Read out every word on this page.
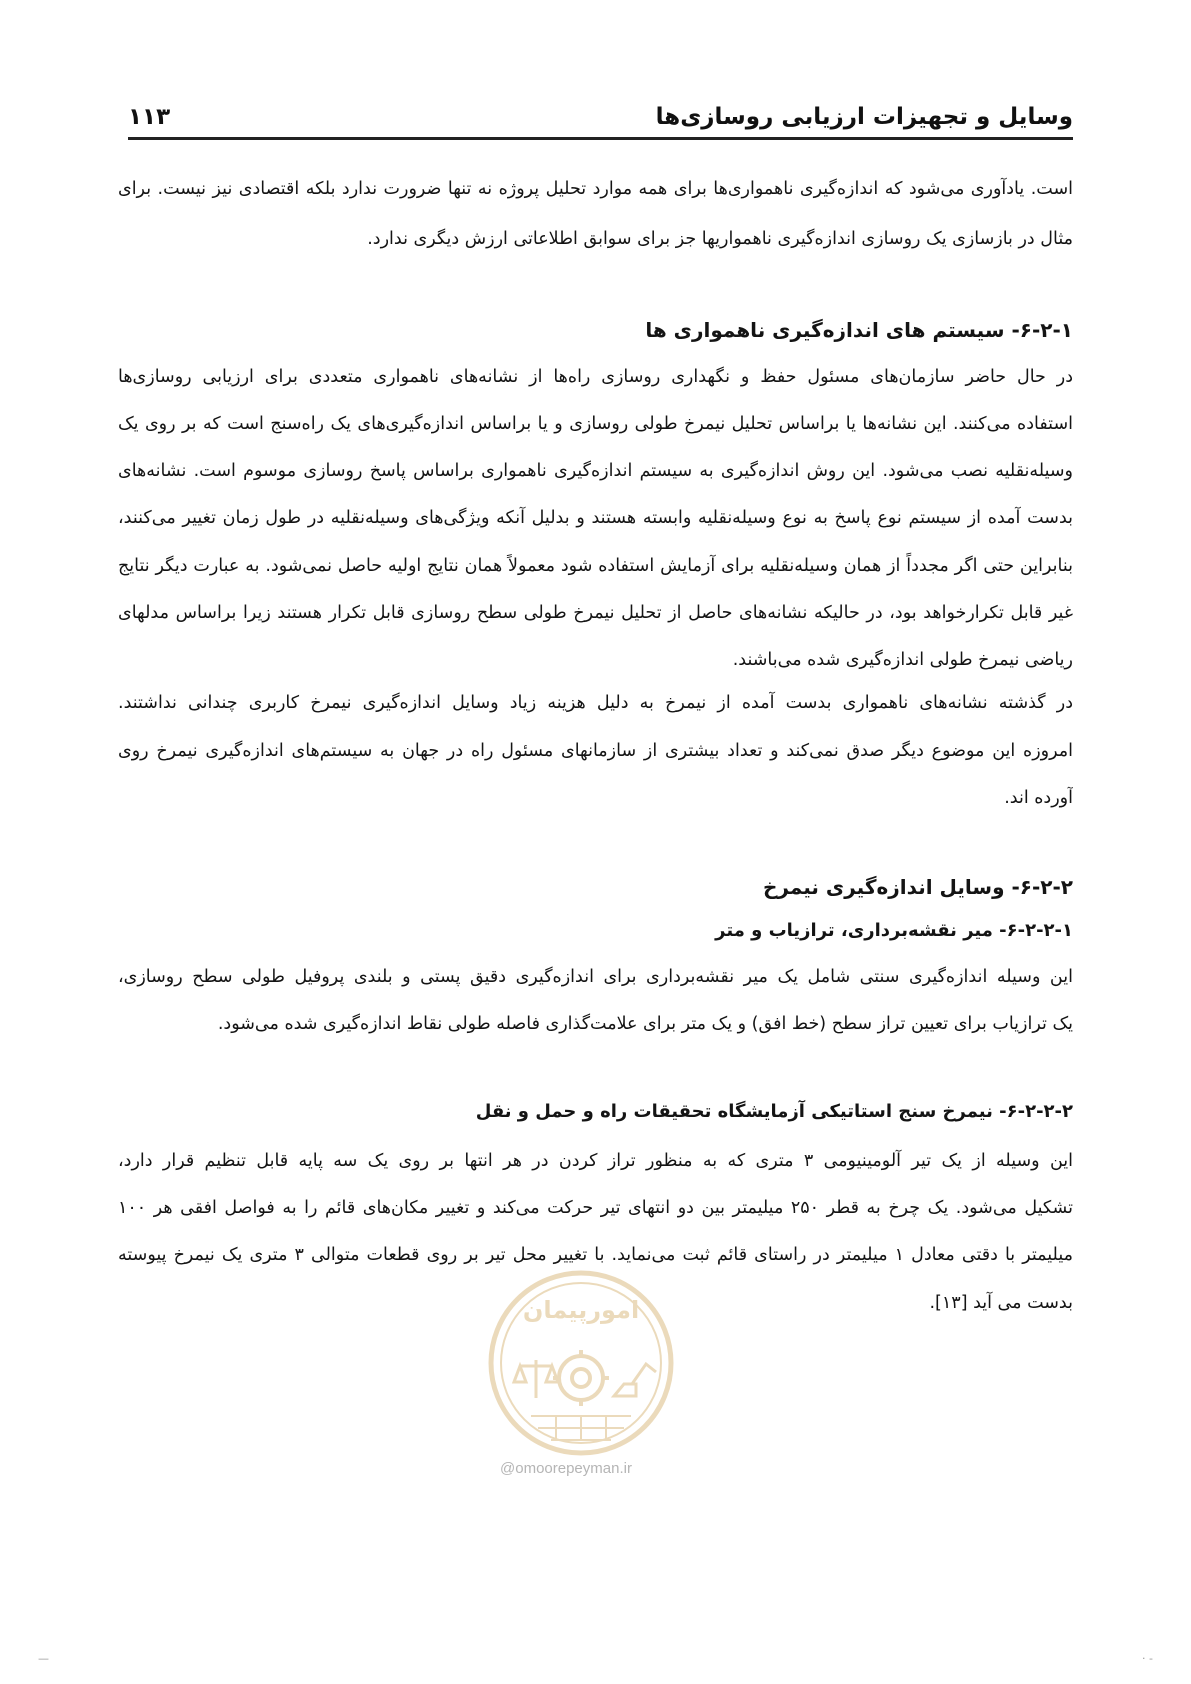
وسایل و تجهیزات ارزیابی روسازی‌ها
۱۱۳
است. یادآوری می‌شود که اندازه‌گیری ناهمواری‌ها برای همه موارد تحلیل پروژه نه تنها ضرورت ندارد بلکه اقتصادی نیز نیست. برای
مثال در بازسازی یک روسازی اندازه‌گیری ناهمواریها جز برای سوابق اطلاعاتی ارزش دیگری ندارد.
۶-۲-۱- سیستم های اندازه‌گیری ناهمواری ها
در حال حاضر سازمان‌های مسئول حفظ و نگهداری روسازی راه‌ها از نشانه‌های ناهمواری متعددی برای ارزیابی روسازی‌ها
استفاده می‌کنند. این نشانه‌ها یا براساس تحلیل نیمرخ طولی روسازی و یا براساس اندازه‌گیری‌های یک راه‌سنج است که بر روی یک
وسیله‌نقلیه نصب می‌شود. این روش اندازه‌گیری به سیستم اندازه‌گیری ناهمواری براساس پاسخ روسازی موسوم است. نشانه‌های
بدست آمده از سیستم نوع پاسخ به نوع وسیله‌نقلیه وابسته هستند و بدلیل آنکه ویژگی‌های وسیله‌نقلیه در طول زمان تغییر می‌کنند،
بنابراین حتی اگر مجدداً از همان وسیله‌نقلیه برای آزمایش استفاده شود معمولاً همان نتایج اولیه حاصل نمی‌شود. به عبارت دیگر نتایج
غیر قابل تکرارخواهد بود، در حالیکه نشانه‌های حاصل از تحلیل نیمرخ طولی سطح روسازی قابل تکرار هستند زیرا براساس مدلهای
ریاضی نیمرخ طولی اندازه‌گیری شده می‌باشند.
در گذشته نشانه‌های ناهمواری بدست آمده از نیمرخ به دلیل هزینه زیاد وسایل اندازه‌گیری نیمرخ کاربری چندانی نداشتند.
امروزه این موضوع دیگر صدق نمی‌کند و تعداد بیشتری از سازمانهای مسئول راه در جهان به سیستم‌های اندازه‌گیری نیمرخ روی
آورده اند.
۶-۲-۲- وسایل اندازه‌گیری نیمرخ
۶-۲-۲-۱- میر نقشه‌برداری، ترازیاب و متر
این وسیله اندازه‌گیری سنتی شامل یک میر نقشه‌برداری برای اندازه‌گیری دقیق پستی و بلندی پروفیل طولی سطح روسازی،
یک ترازیاب برای تعیین تراز سطح (خط افق) و یک متر برای علامت‌گذاری فاصله طولی نقاط اندازه‌گیری شده می‌شود.
۶-۲-۲-۲- نیمرخ سنج استاتیکی آزمایشگاه تحقیقات راه و حمل و نقل
این وسیله از یک تیر آلومینیومی ۳ متری که به منظور تراز کردن در هر انتها بر روی یک سه پایه قابل تنظیم قرار دارد،
تشکیل می‌شود. یک چرخ به قطر ۲۵۰ میلیمتر بین دو انتهای تیر حرکت می‌کند و تغییر مکان‌های قائم را به فواصل افقی هر ۱۰۰
میلیمتر با دقتی معادل ۱ میلیمتر در راستای قائم ثبت می‌نماید. با تغییر محل تیر بر روی قطعات متوالی ۳ متری یک نیمرخ پیوسته
بدست می آید [۱۳].
امورپیمان
@omoorepeyman.ir
—	- ·
